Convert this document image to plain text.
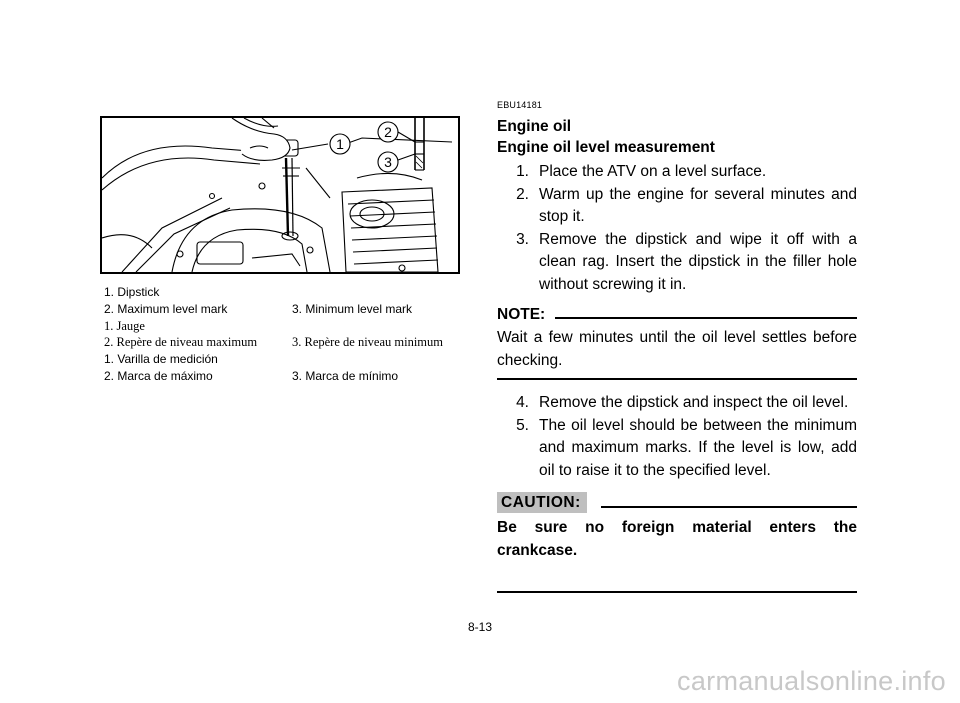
1
2
3
1. Dipstick
2. Maximum level mark	3. Minimum level mark
1. Jauge
2. Repère de niveau maximum	3. Repère de niveau minimum
1. Varilla de medición
2. Marca de máximo	3. Marca de mínimo
EBU14181
Engine oil
Engine oil level measurement
1. Place the ATV on a level surface.
2. Warm up the engine for several minutes and stop it.
3. Remove the dipstick and wipe it off with a clean rag. Insert the dipstick in the filler hole without screwing it in.
NOTE:
Wait a few minutes until the oil level settles before checking.
4. Remove the dipstick and inspect the oil level.
5. The oil level should be between the minimum and maximum marks. If the level is low, add oil to raise it to the specified level.
CAUTION:
Be sure no foreign material enters the crankcase.
8-13
carmanualsonline.info
